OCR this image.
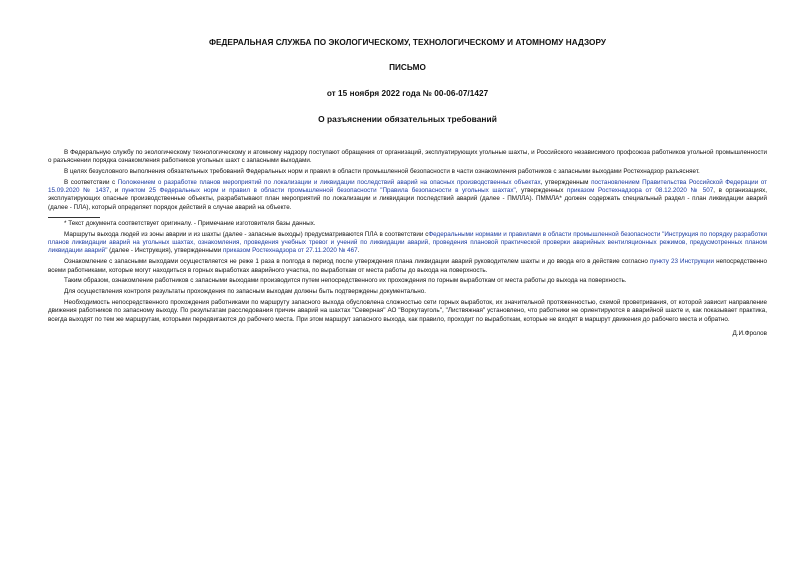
ФЕДЕРАЛЬНАЯ СЛУЖБА ПО ЭКОЛОГИЧЕСКОМУ, ТЕХНОЛОГИЧЕСКОМУ И АТОМНОМУ НАДЗОРУ
ПИСЬМО
от 15 ноября 2022 года № 00-06-07/1427
О разъяснении обязательных требований

В Федеральную службу по экологическому технологическому и атомному надзору поступают обращения от организаций, эксплуатирующих угольные шахты, и Российского независимого профсоюза работников угольной промышленности о разъяснении порядка ознакомления работников угольных шахт с запасными выходами.

В целях безусловного выполнения обязательных требований Федеральных норм и правил в области промышленной безопасности в части ознакомления работников с запасными выходами Ростехнадзор разъясняет.

В соответствии с Положением о разработке планов мероприятий по локализации и ликвидации последствий аварий на опасных производственных объектах, утвержденным постановлением Правительства Российской Федерации от 15.09.2020 № 1437, и пунктом 25 Федеральных норм и правил в области промышленной безопасности "Правила безопасности в угольных шахтах", утвержденных приказом Ростехнадзора от 08.12.2020 № 507, в организациях, эксплуатирующих опасные производственные объекты, разрабатывают план мероприятий по локализации и ликвидации последствий аварий (далее - ПМЛЛА). ПММЛА* должен содержать специальный раздел - план ликвидации аварий (далее - ПЛА), который определяет порядок действий в случае аварий на объекте.

* Текст документа соответствует оригиналу. - Примечание изготовителя базы данных.

Маршруты выхода людей из зоны аварии и из шахты (далее - запасные выходы) предусматриваются ПЛА в соответствии сФедеральными нормами и правилами в области промышленной безопасности "Инструкция по порядку разработки планов ликвидации аварий на угольных шахтах, ознакомления, проведения учебных тревог и учений по ликвидации аварий, проведения плановой практической проверки аварийных вентиляционных режимов, предусмотренных планом ликвидации аварий" (далее - Инструкция), утвержденными приказом Ростехнадзора от 27.11.2020 № 467.

Ознакомление с запасными выходами осуществляется не реже 1 раза в полгода в период после утверждения плана ликвидации аварий руководителем шахты и до ввода его в действие согласно пункту 23 Инструкции непосредственно всеми работниками, которые могут находиться в горных выработках аварийного участка, по выработкам от места работы до выхода на поверхность.

Таким образом, ознакомление работников с запасными выходами производится путем непосредственного их прохождения по горным выработкам от места работы до выхода на поверхность.

Для осуществления контроля результаты прохождения по запасным выходам должны быть подтверждены документально.

Необходимость непосредственного прохождения работниками по маршруту запасного выхода обусловлена сложностью сети горных выработок, их значительной протяженностью, схемой проветривания, от которой зависит направление движения работников по запасному выходу. По результатам расследования причин аварий на шахтах "Северная" АО "Воркутауголь", "Листвяжная" установлено, что работники не ориентируются в аварийной шахте и, как показывает практика, всегда выходят по тем же маршрутам, которыми передвигаются до рабочего места. При этом маршрут запасного выхода, как правило, проходит по выработкам, которые не входят в маршрут движения до рабочего места и обратно.

Д.И.Фролов
